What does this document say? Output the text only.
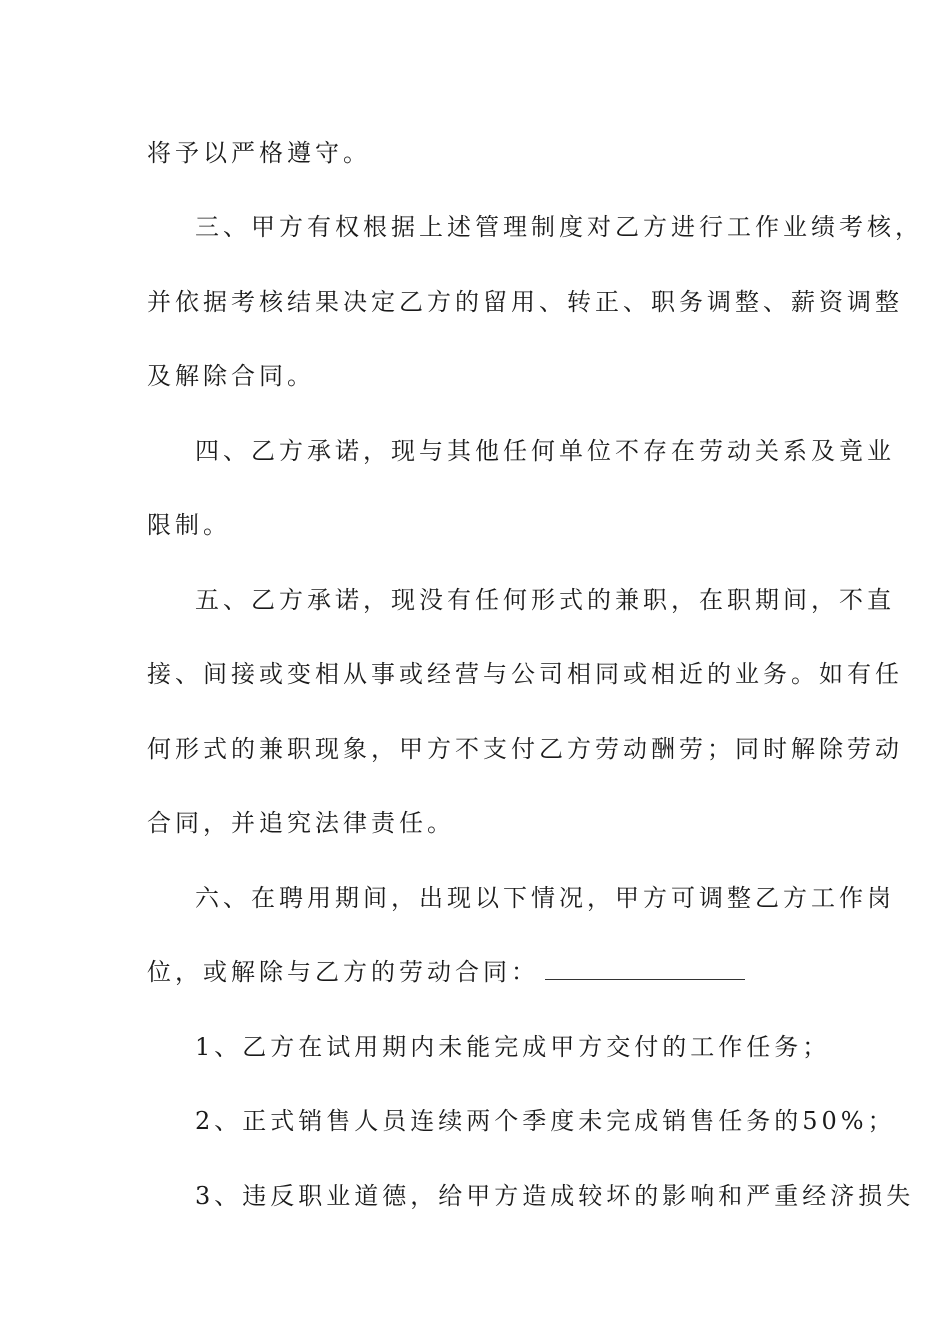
将予以严格遵守。
三、甲方有权根据上述管理制度对乙方进行工作业绩考核，
并依据考核结果决定乙方的留用、转正、职务调整、薪资调整
及解除合同。
四、乙方承诺，现与其他任何单位不存在劳动关系及竟业
限制。
五、乙方承诺，现没有任何形式的兼职，在职期间，不直
接、间接或变相从事或经营与公司相同或相近的业务。如有任
何形式的兼职现象，甲方不支付乙方劳动酬劳；同时解除劳动
合同，并追究法律责任。
六、在聘用期间，出现以下情况，甲方可调整乙方工作岗
位，或解除与乙方的劳动合同：
1、乙方在试用期内未能完成甲方交付的工作任务；
2、正式销售人员连续两个季度未完成销售任务的50%；
3、违反职业道德，给甲方造成较坏的影响和严重经济损失
